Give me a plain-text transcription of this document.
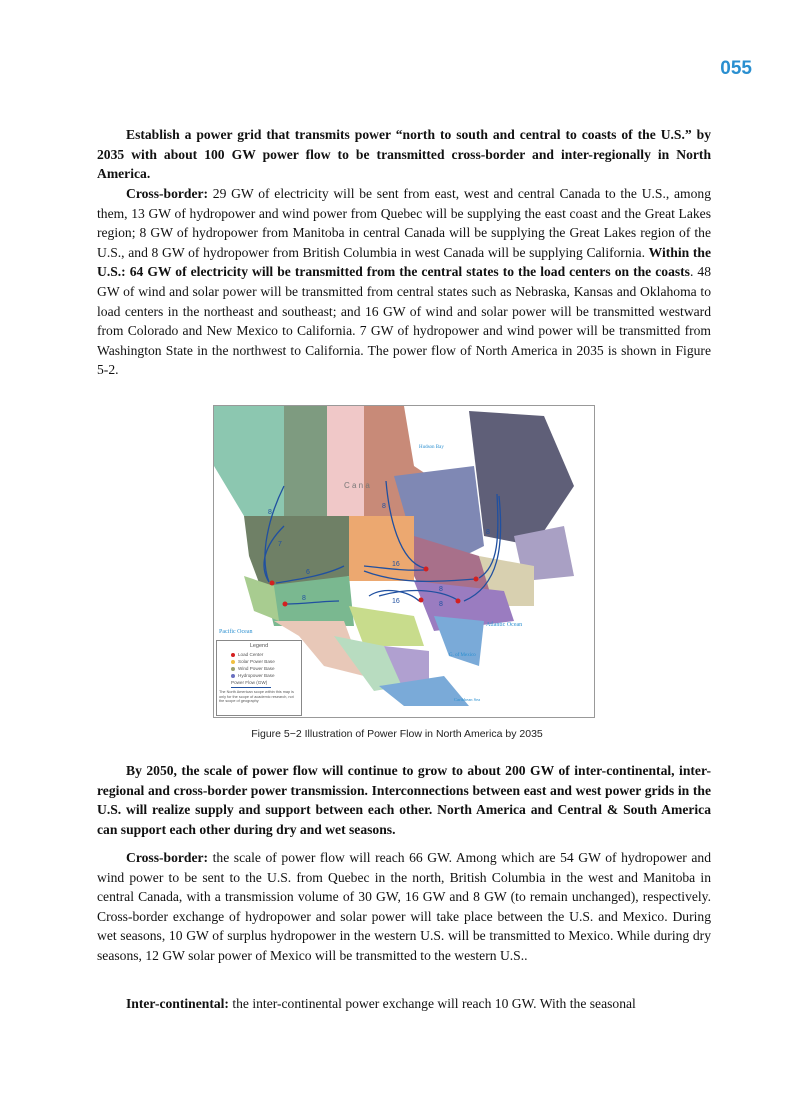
055

Establish a power grid that transmits power “north to south and central to coasts of the U.S.” by 2035 with about 100 GW power flow to be transmitted cross-border and inter-regionally in North America.

Cross-border: 29 GW of electricity will be sent from east, west and central Canada to the U.S., among them, 13 GW of hydropower and wind power from Quebec will be supplying the east coast and the Great Lakes region; 8 GW of hydropower from Manitoba in central Canada will be supplying the Great Lakes region of the U.S., and 8 GW of hydropower from British Columbia in west Canada will be supplying California. Within the U.S.: 64 GW of electricity will be transmitted from the central states to the load centers on the coasts. 48 GW of wind and solar power will be transmitted from central states such as Nebraska, Kansas and Oklahoma to load centers in the northeast and southeast; and 16 GW of wind and solar power will be transmitted westward from Colorado and New Mexico to California. 7 GW of hydropower and wind power will be transmitted from Washington State in the northwest to California. The power flow of North America in 2035 is shown in Figure 5-2.

8
7
6
8
8
16
8
16	8
8
C a n a
Hudson Bay
Pacific Ocean
Atlantic Ocean
G. of Mexico
Caribbean Sea
Legend
Load Center
Solar Power Base
Wind Power Base
Hydropower Base
Power Flow (GW)
The North American scope within this map is only for the scope of academic research, not the scope of geography
Figure 5−2 Illustration of Power Flow in North America by 2035

By 2050, the scale of power flow will continue to grow to about 200 GW of inter-continental, inter-regional and cross-border power transmission. Interconnections between east and west power grids in the U.S. will realize supply and support between each other. North America and Central & South America can support each other during dry and wet seasons.

Cross-border: the scale of power flow will reach 66 GW. Among which are 54 GW of hydropower and wind power to be sent to the U.S. from Quebec in the north, British Columbia in the west and Manitoba in central Canada, with a transmission volume of 30 GW, 16 GW and 8 GW (to remain unchanged), respectively. Cross-border exchange of hydropower and solar power will take place between the U.S. and Mexico. During wet seasons, 10 GW of surplus hydropower in the western U.S. will be transmitted to Mexico. While during dry seasons, 12 GW solar power of Mexico will be transmitted to the western U.S..

Inter-continental: the inter-continental power exchange will reach 10 GW. With the seasonal
